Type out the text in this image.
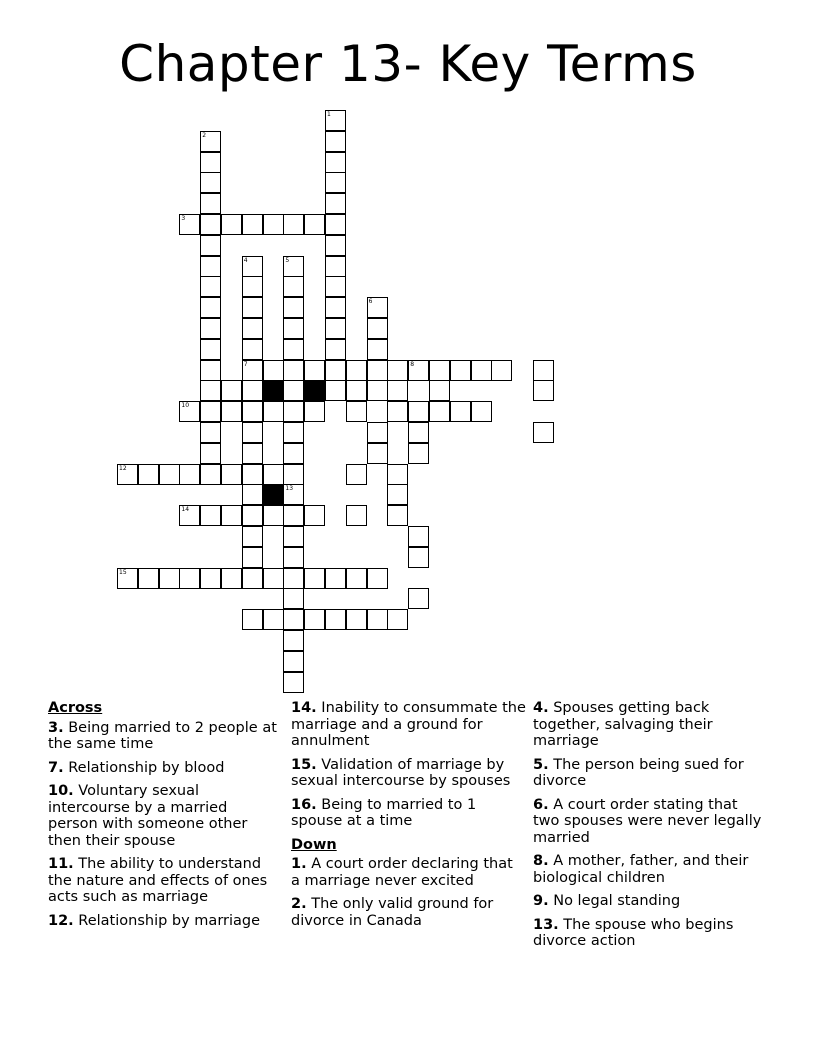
Chapter 13- Key Terms
1
2
3
4	5
6
7	8
10
12
13
14
15
Across
3. Being married to 2 people at the same time
7. Relationship by blood
10. Voluntary sexual intercourse by a married person with someone other then their spouse
11. The ability to understand the nature and effects of ones acts such as marriage
12. Relationship by marriage
14. Inability to consummate the marriage and a ground for annulment
15. Validation of marriage by sexual intercourse by spouses
16. Being to married to 1 spouse at a time
Down
1. A court order declaring that a marriage never excited
2. The only valid ground for divorce in Canada
4. Spouses getting back together, salvaging their marriage
5. The person being sued for divorce
6. A court order stating that two spouses were never legally married
8. A mother, father, and their biological children
9. No legal standing
13. The spouse who begins divorce action
